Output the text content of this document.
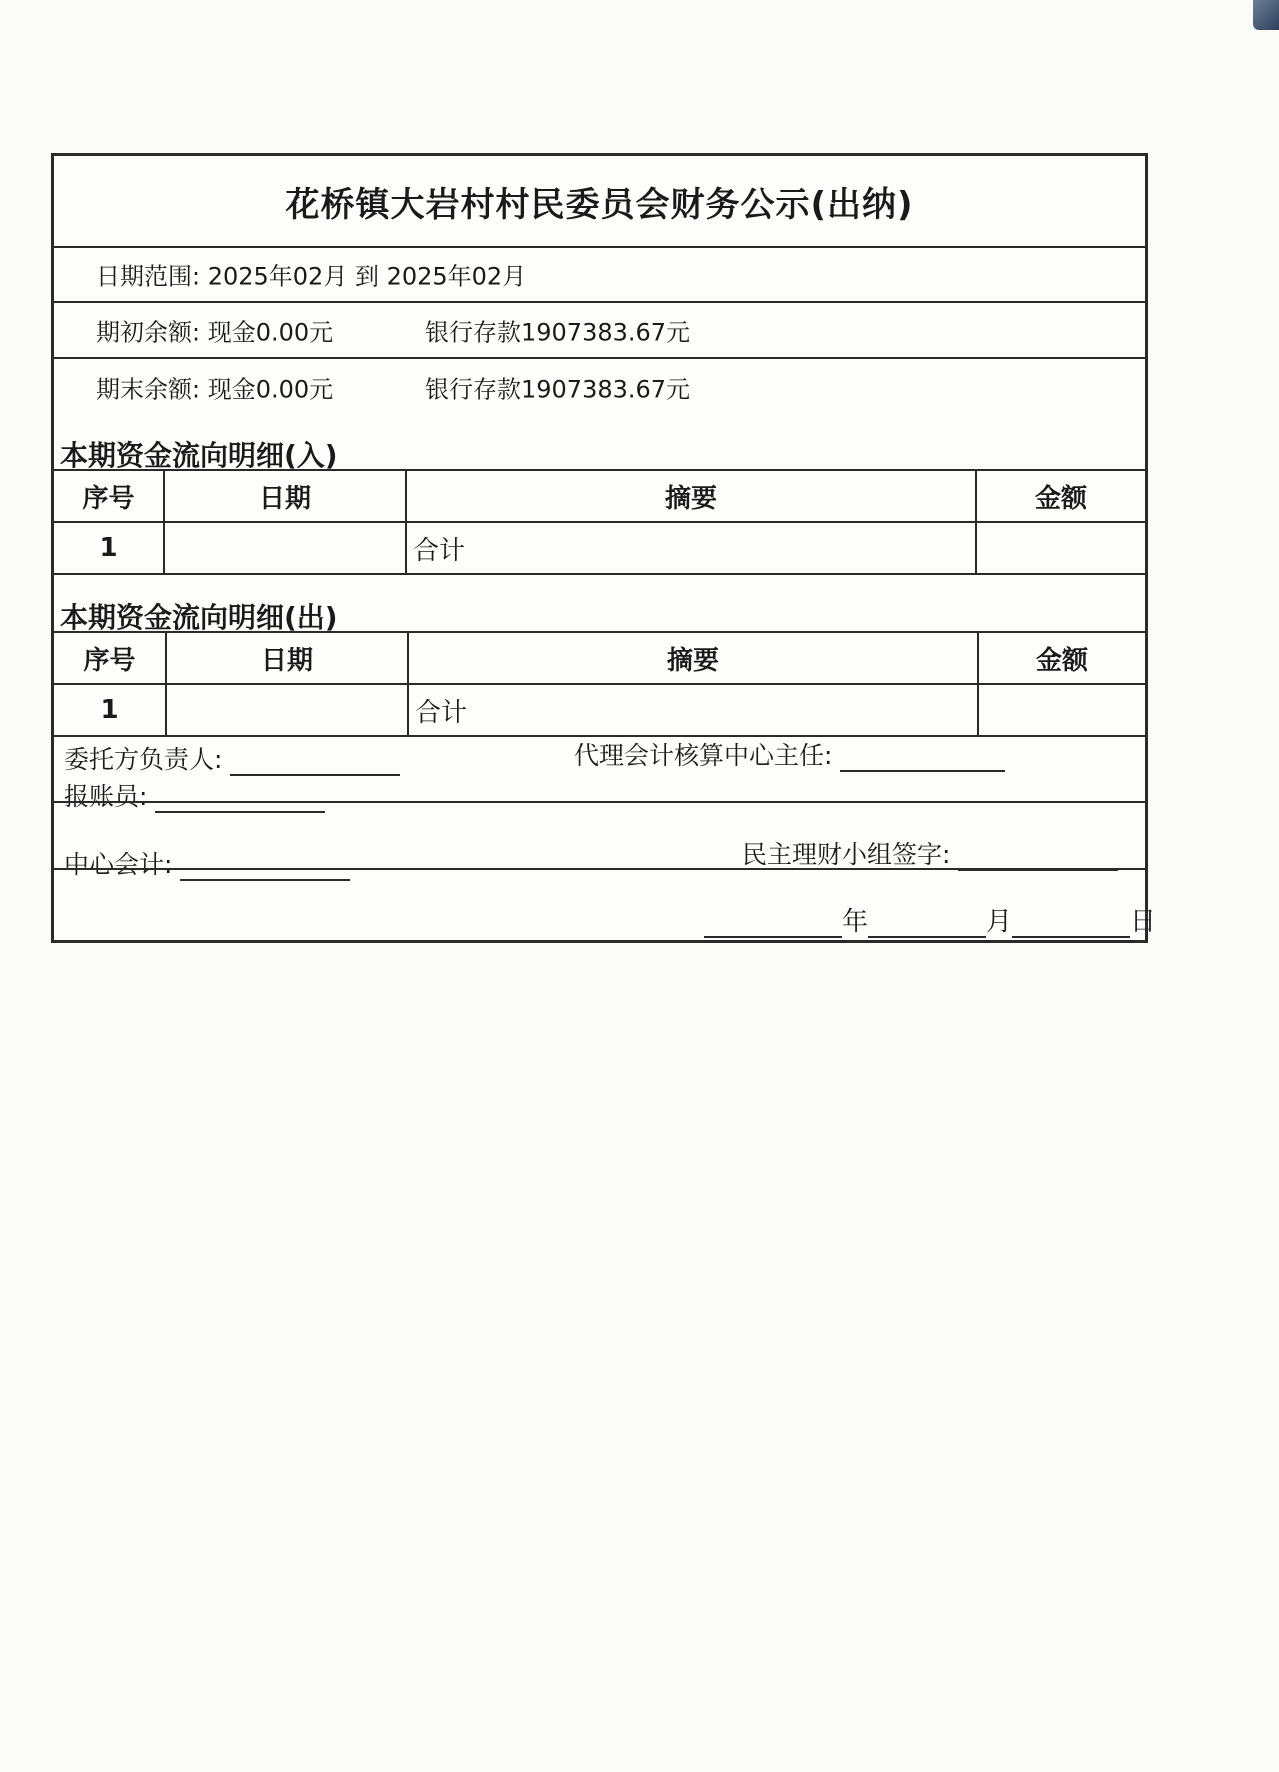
花桥镇大岩村村民委员会财务公示(出纳)
日期范围: 2025年02月 到 2025年02月
期初余额: 现金0.00元	银行存款1907383.67元
期末余额: 现金0.00元	银行存款1907383.67元
本期资金流向明细(入)
序号	日期	摘要	金额
1		合计	
本期资金流向明细(出)
序号	日期	摘要	金额
1		合计	
委托方负责人:	代理会计核算中心主任:
报账员:
中心会计:	民主理财小组签字:
年	月	日
